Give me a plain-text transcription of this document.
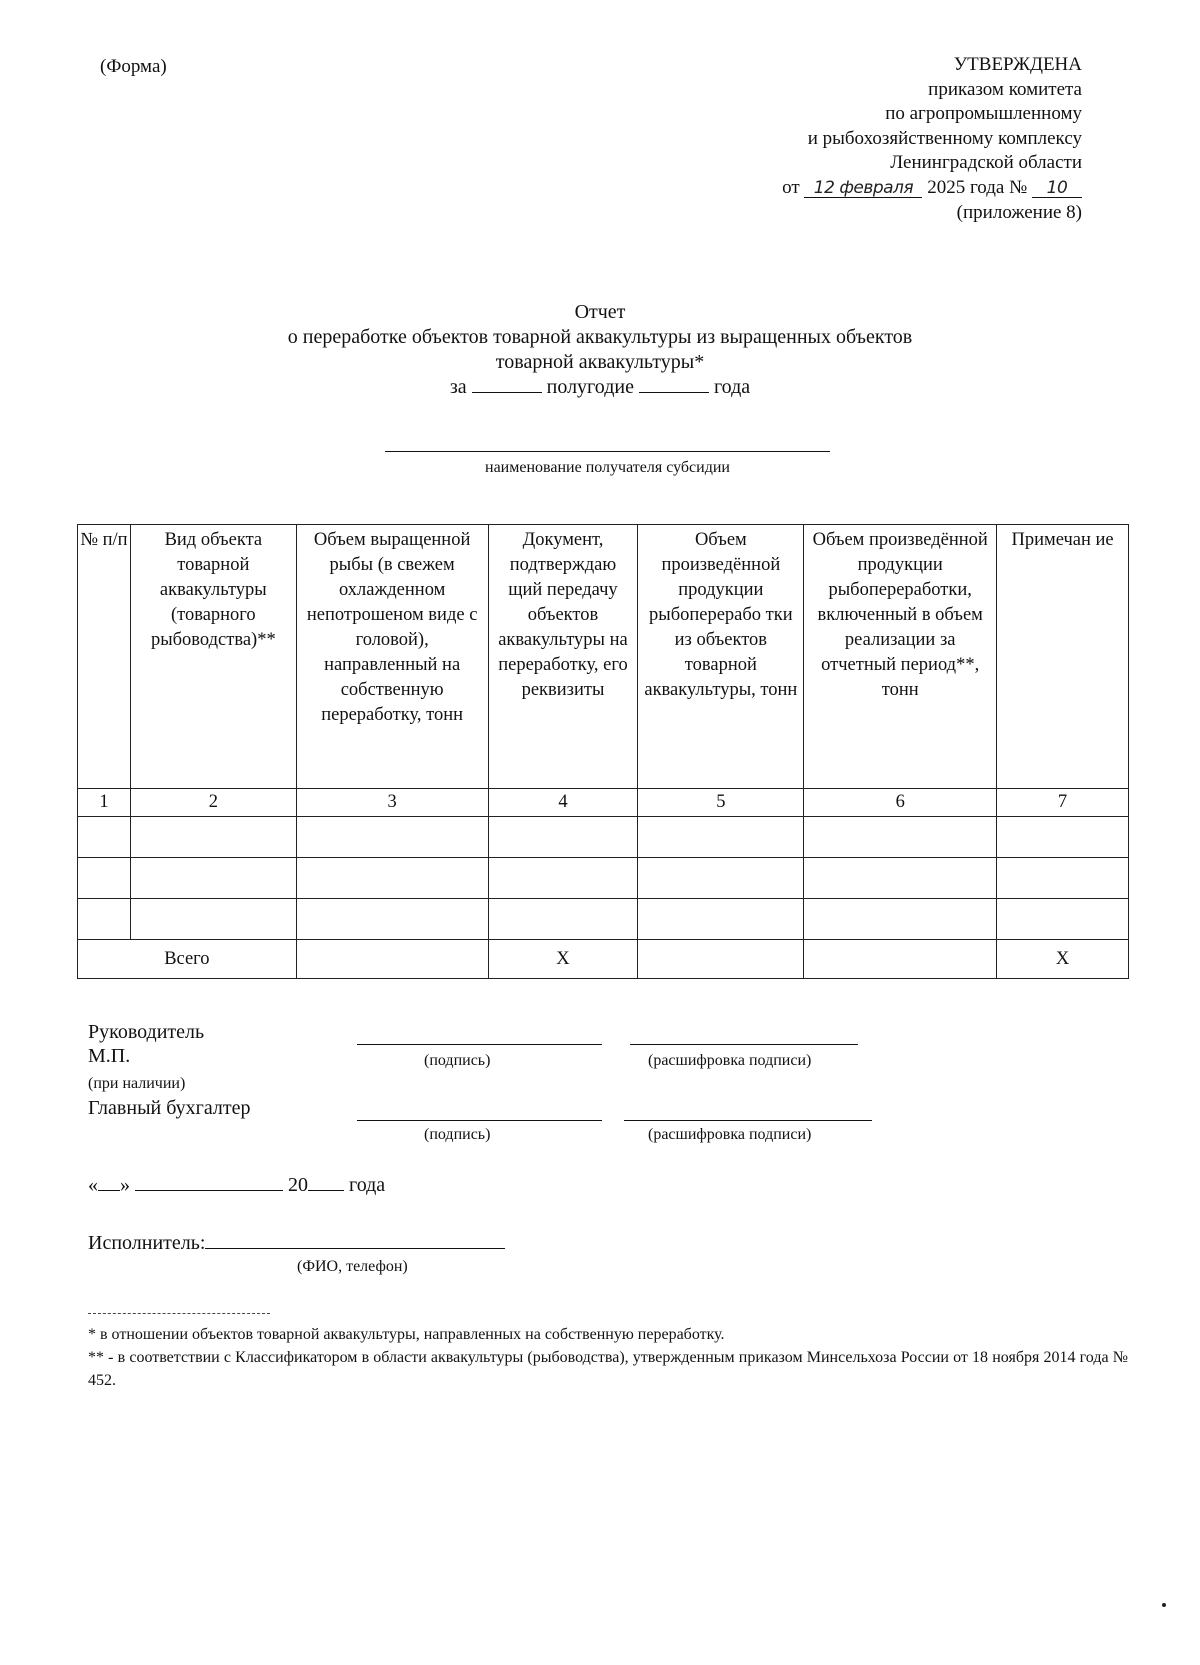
(Форма)	УТВЕРЖДЕНА
приказом комитета
по агропромышленному
и рыбохозяйственному комплексу
Ленинградской области
от 12 февраля 2025 года № 10
(приложение 8)
Отчет
о переработке объектов товарной аквакультуры из выращенных объектов
товарной аквакультуры*
за	полугодие	года
наименование получателя субсидии
№ п/п	Вид объекта товарной аквакультуры (товарного рыбоводства)**	Объем выращенной рыбы (в свежем охлажденном непотрошеном виде с головой), направленный на собственную переработку, тонн	Документ, подтверждаю щий передачу объектов аквакультуры на переработку, его реквизиты	Объем произведённой продукции рыбоперерабо тки из объектов товарной аквакультуры, тонн	Объем произведённой продукции рыбопереработки, включенный в объем реализации за отчетный период**, тонн	Примечан ие
1	2	3	4	5	6	7

Всего			Х			Х
Руководитель
М.П.	(подпись)	(расшифровка подписи)
(при наличии)
Главный бухгалтер
(подпись)	(расшифровка подписи)
« »	20 года
Исполнитель:
(ФИО, телефон)
* в отношении объектов товарной аквакультуры, направленных на собственную переработку.
** - в соответствии с Классификатором в области аквакультуры (рыбоводства), утвержденным приказом Минсельхоза России от 18 ноября 2014 года № 452.
